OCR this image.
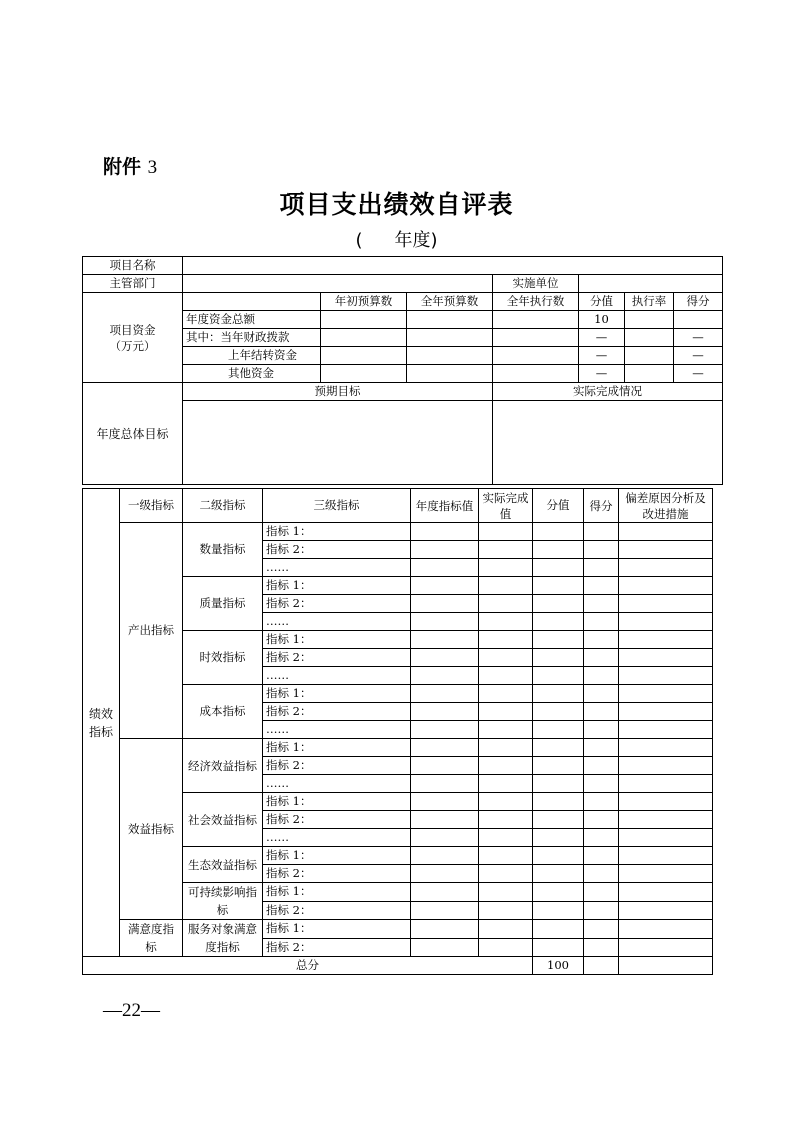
附件 3
项目支出绩效自评表
( 年度)
项目名称							
主管部门				实施单位			
项目资金
（万元）		年初预算数	全年预算数	全年执行数	分值	执行率	得分
	年度资金总额				10		
	其中：当年财政拨款				—		—
	上年结转资金				—		—
	其他资金				—		—
年度总体目标	预期目标			实际完成情况			

绩效指标	一级指标	二级指标	三级指标	年度指标值	实际完成值	分值	得分	偏差原因分析及改进措施
	产出指标	数量指标	指标 1：					
			指标 2：					
			……					
		质量指标	指标 1：					
			指标 2：					
			……					
		时效指标	指标 1：					
			指标 2：					
			……					
		成本指标	指标 1：					
			指标 2：					
			……					
	效益指标	经济效益指标	指标 1：					
			指标 2：					
			……					
		社会效益指标	指标 1：					
			指标 2：					
			……					
		生态效益指标	指标 1：					
			指标 2：					
		可持续影响指标	指标 1：					
			指标 2：					
	满意度指标	服务对象满意度指标	指标 1：					
			指标 2：					
总分						100		
—22—
